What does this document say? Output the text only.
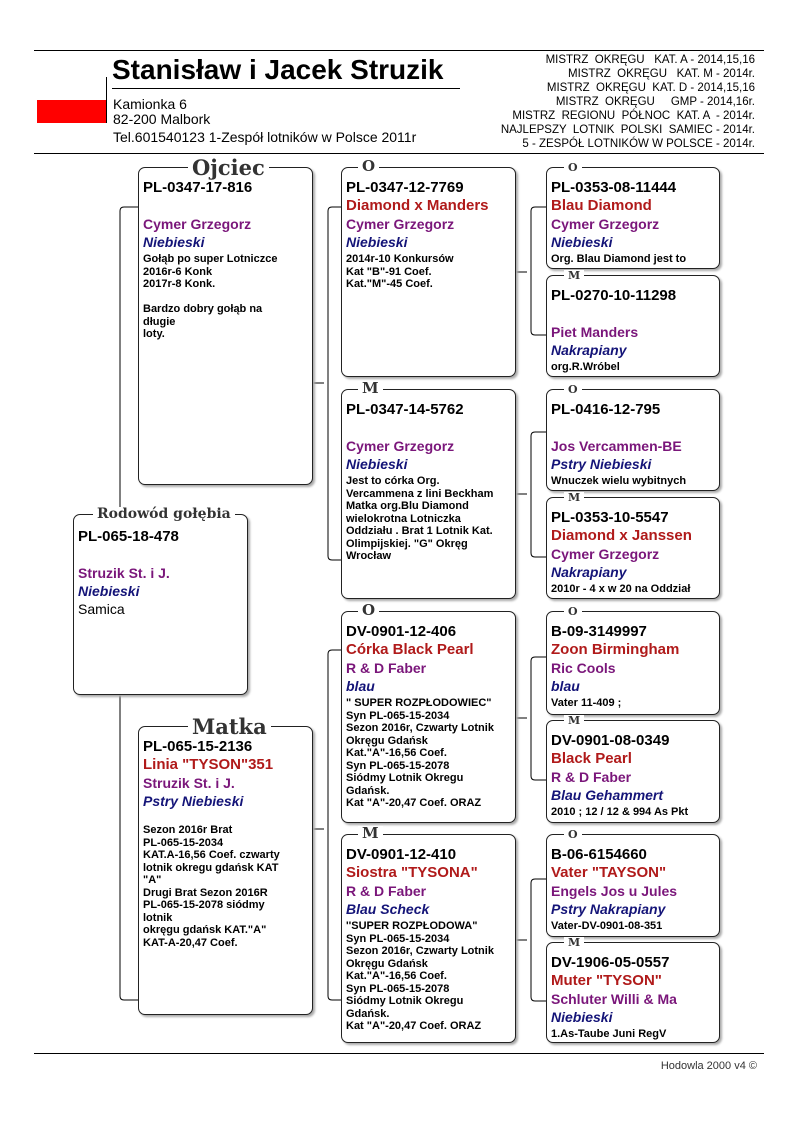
Stanisław i Jacek Struzik
Kamionka 6
82-200 Malbork
Tel.601540123 1-Zespół lotników w Polsce 2011r
MISTRZ  OKRĘGU   KAT. A - 2014,15,16
MISTRZ  OKRĘGU   KAT. M - 2014r.
MISTRZ  OKRĘGU  KAT. D - 2014,15,16
MISTRZ  OKRĘGU     GMP - 2014,16r.
MISTRZ  REGIONU  PÓŁNOC  KAT. A  - 2014r.
NAJLEPSZY  LOTNIK  POLSKI  SAMIEC - 2014r.
5 - ZESPÓŁ LOTNIKÓW W POLSCE - 2014r.
PL-065-18-478
Struzik St. i J.
Niebieski
Samica
Rodowód gołębia
PL-0347-17-816
Cymer Grzegorz
Niebieski
Gołąb po super Lotniczce
2016r-6 Konk
2017r-8 Konk.

Bardzo dobry gołąb na
długie
loty.
Ojciec
PL-065-15-2136
Linia "TYSON"351
Struzik St. i J.
Pstry Niebieski
Sezon 2016r Brat
PL-065-15-2034
KAT.A-16,56 Coef. czwarty
lotnik okregu gdańsk KAT
"A"
Drugi Brat Sezon 2016R
PL-065-15-2078 siódmy
lotnik
okręgu gdańsk KAT."A"
KAT-A-20,47 Coef.
Matka
PL-0347-12-7769
Diamond x Manders
Cymer Grzegorz
Niebieski
2014r-10 Konkursów
Kat "B"-91 Coef.
Kat."M"-45 Coef.
O
PL-0347-14-5762
Cymer Grzegorz
Niebieski
Jest to córka Org.
Vercammena z lini Beckham
Matka org.Blu Diamond
wielokrotna Lotniczka
Oddziału . Brat 1 Lotnik Kat.
Olimpijskiej. "G" Okręg
Wrocław
M
DV-0901-12-406
Córka Black Pearl
R & D Faber
blau
" SUPER ROZPŁODOWIEC"
Syn PL-065-15-2034
Sezon 2016r, Czwarty Lotnik
Okręgu Gdańsk
Kat."A"-16,56 Coef.
Syn PL-065-15-2078
Siódmy Lotnik Okregu
Gdańsk.
Kat "A"-20,47 Coef. ORAZ
O
DV-0901-12-410
Siostra "TYSONA"
R & D Faber
Blau Scheck
''SUPER ROZPŁODOWA"
Syn PL-065-15-2034
Sezon 2016r, Czwarty Lotnik
Okręgu Gdańsk
Kat."A"-16,56 Coef.
Syn PL-065-15-2078
Siódmy Lotnik Okregu
Gdańsk.
Kat "A"-20,47 Coef. ORAZ
M
PL-0353-08-11444
Blau Diamond
Cymer Grzegorz
Niebieski
Org. Blau Diamond jest to
O
PL-0270-10-11298
Piet Manders
Nakrapiany
org.R.Wróbel
M
PL-0416-12-795
Jos Vercammen-BE
Pstry Niebieski
Wnuczek wielu wybitnych
O
PL-0353-10-5547
Diamond x Janssen
Cymer Grzegorz
Nakrapiany
2010r - 4 x w 20 na Oddział
M
B-09-3149997
Zoon Birmingham
Ric Cools
blau
Vater 11-409 ;
O
DV-0901-08-0349
Black Pearl
R & D Faber
Blau Gehammert
2010 ; 12 / 12 & 994 As Pkt
M
B-06-6154660
Vater "TAYSON"
Engels Jos u Jules
Pstry Nakrapiany
Vater-DV-0901-08-351
O
DV-1906-05-0557
Muter "TYSON"
Schluter Willi & Ma
Niebieski
1.As-Taube Juni RegV
M
Hodowla 2000 v4 ©
